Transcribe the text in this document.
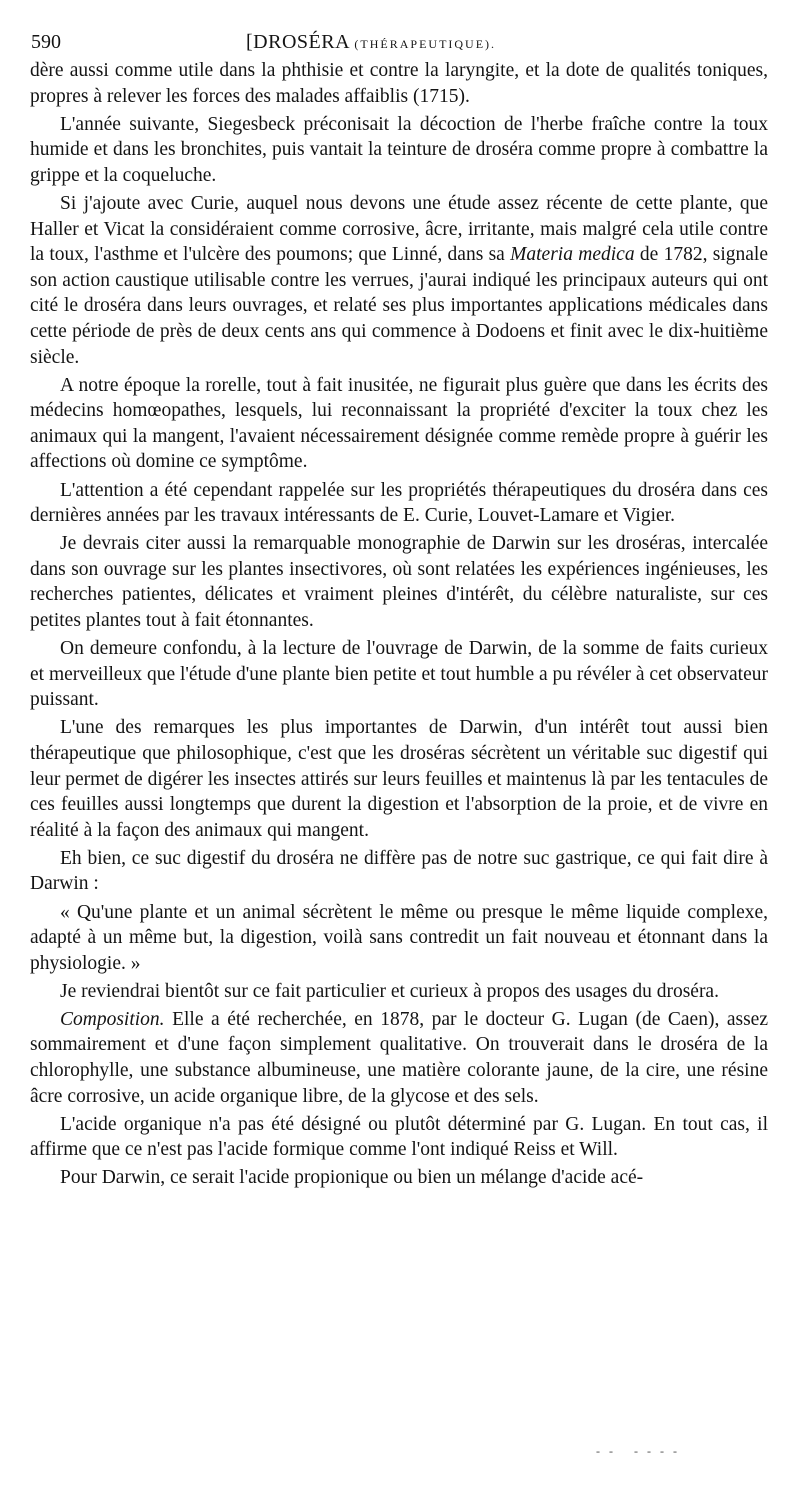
590	[DROSÉRA (THÉRAPEUTIQUE).

dère aussi comme utile dans la phthisie et contre la laryngite, et la dote de qualités toniques, propres à relever les forces des malades affaiblis (1715).

L'année suivante, Siegesbeck préconisait la décoction de l'herbe fraîche contre la toux humide et dans les bronchites, puis vantait la teinture de droséra comme propre à combattre la grippe et la coqueluche.

Si j'ajoute avec Curie, auquel nous devons une étude assez récente de cette plante, que Haller et Vicat la considéraient comme corrosive, âcre, irritante, mais malgré cela utile contre la toux, l'asthme et l'ulcère des poumons; que Linné, dans sa Materia medica de 1782, signale son action caustique utilisable contre les verrues, j'aurai indiqué les principaux auteurs qui ont cité le droséra dans leurs ouvrages, et relaté ses plus importantes applications médicales dans cette période de près de deux cents ans qui commence à Dodoens et finit avec le dix-huitième siècle.

A notre époque la rorelle, tout à fait inusitée, ne figurait plus guère que dans les écrits des médecins homœopathes, lesquels, lui reconnaissant la propriété d'exciter la toux chez les animaux qui la mangent, l'avaient nécessairement désignée comme remède propre à guérir les affections où domine ce symptôme.

L'attention a été cependant rappelée sur les propriétés thérapeutiques du droséra dans ces dernières années par les travaux intéressants de E. Curie, Louvet-Lamare et Vigier.

Je devrais citer aussi la remarquable monographie de Darwin sur les droséras, intercalée dans son ouvrage sur les plantes insectivores, où sont relatées les expériences ingénieuses, les recherches patientes, délicates et vraiment pleines d'intérêt, du célèbre naturaliste, sur ces petites plantes tout à fait étonnantes.

On demeure confondu, à la lecture de l'ouvrage de Darwin, de la somme de faits curieux et merveilleux que l'étude d'une plante bien petite et tout humble a pu révéler à cet observateur puissant.

L'une des remarques les plus importantes de Darwin, d'un intérêt tout aussi bien thérapeutique que philosophique, c'est que les droséras sécrètent un véritable suc digestif qui leur permet de digérer les insectes attirés sur leurs feuilles et maintenus là par les tentacules de ces feuilles aussi longtemps que durent la digestion et l'absorption de la proie, et de vivre en réalité à la façon des animaux qui mangent.

Eh bien, ce suc digestif du droséra ne diffère pas de notre suc gastrique, ce qui fait dire à Darwin :

« Qu'une plante et un animal sécrètent le même ou presque le même liquide complexe, adapté à un même but, la digestion, voilà sans contredit un fait nouveau et étonnant dans la physiologie. »

Je reviendrai bientôt sur ce fait particulier et curieux à propos des usages du droséra.

Composition. Elle a été recherchée, en 1878, par le docteur G. Lugan (de Caen), assez sommairement et d'une façon simplement qualitative. On trouverait dans le droséra de la chlorophylle, une substance albumineuse, une matière colorante jaune, de la cire, une résine âcre corrosive, un acide organique libre, de la glycose et des sels.

L'acide organique n'a pas été désigné ou plutôt déterminé par G. Lugan. En tout cas, il affirme que ce n'est pas l'acide formique comme l'ont indiqué Reiss et Will.

Pour Darwin, ce serait l'acide propionique ou bien un mélange d'acide acé-

- -   - - - -
